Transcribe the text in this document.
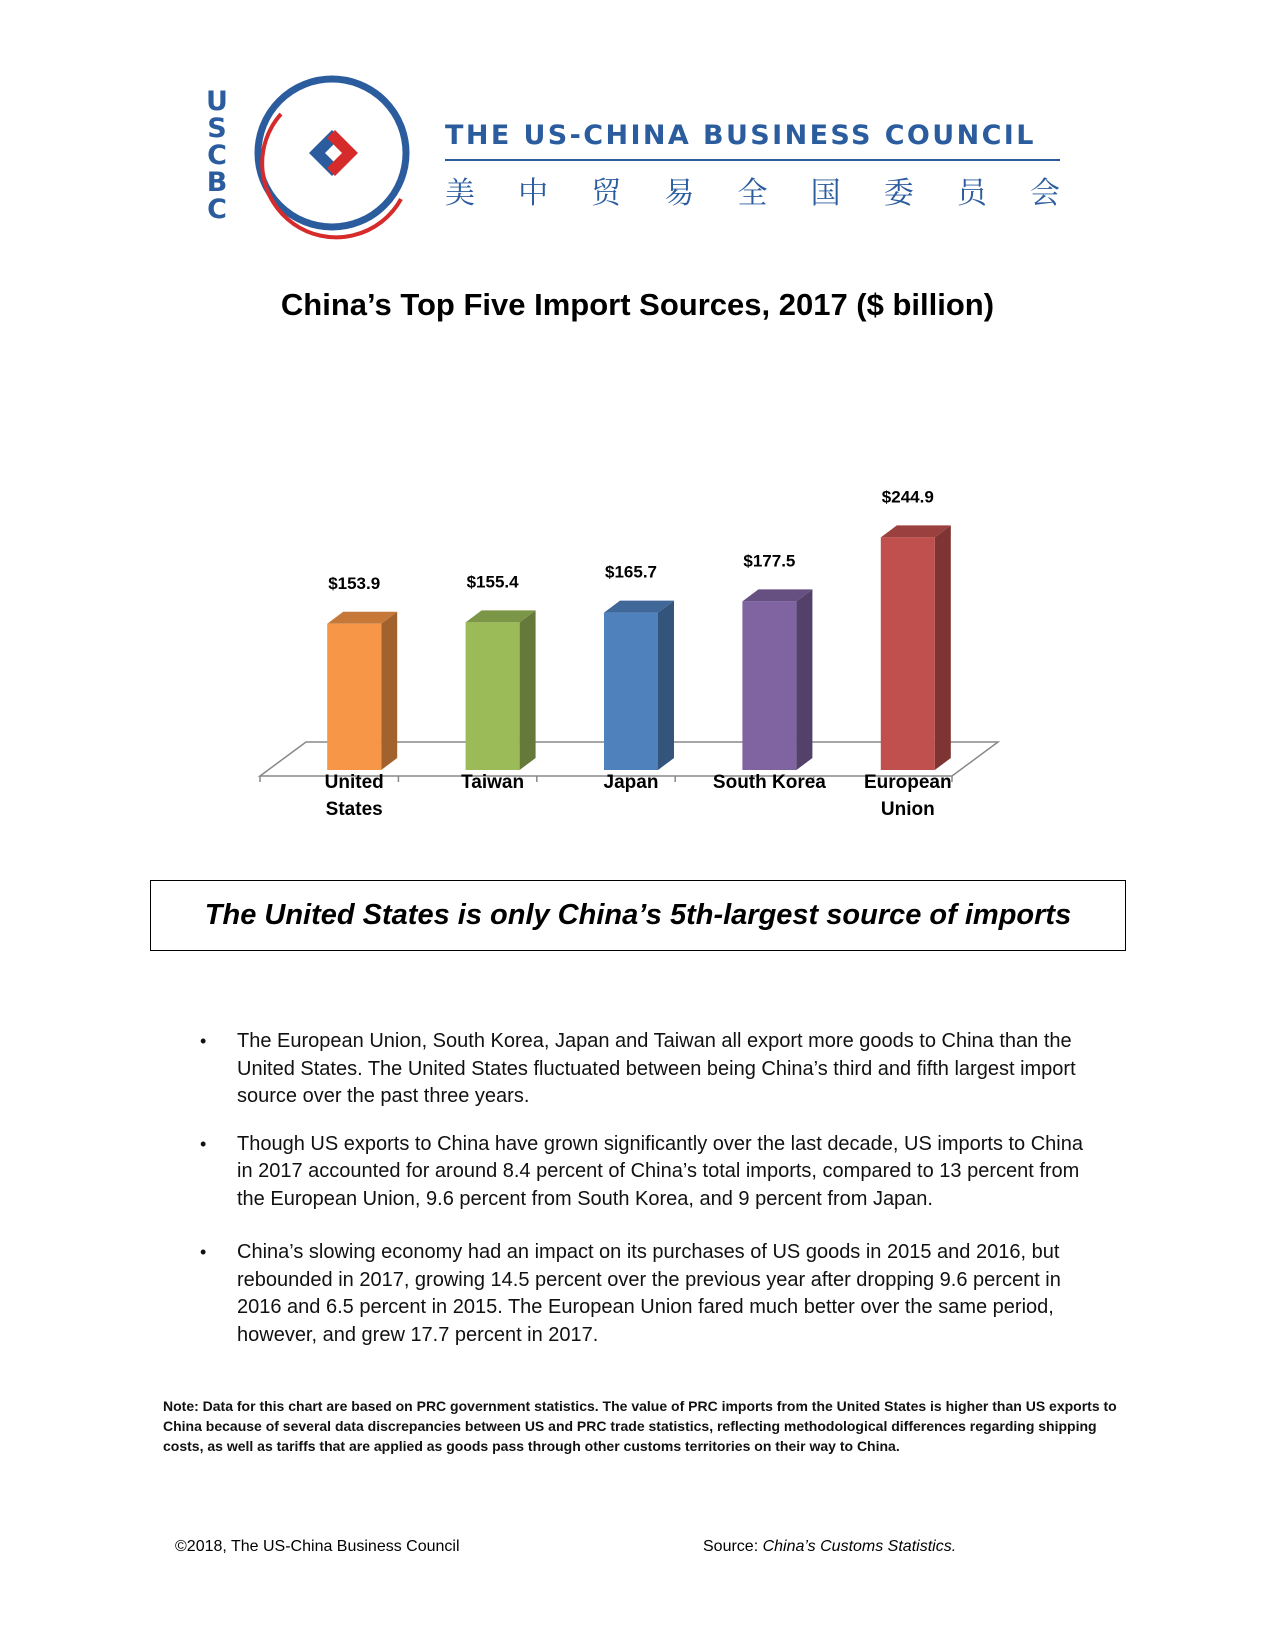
U
S
C
B
C
THE US-CHINA BUSINESS COUNCIL
美 中 贸 易 全 国 委 员 会
China’s Top Five Import Sources, 2017 ($ billion)
$153.9
United
States
$155.4
Taiwan
$165.7
Japan
$177.5
South Korea
$244.9
European
Union
The United States is only China’s 5th-largest source of imports
• The European Union, South Korea, Japan and Taiwan all export more goods to China than the United States. The United States fluctuated between being China’s third and fifth largest import source over the past three years.
• Though US exports to China have grown significantly over the last decade, US imports to China in 2017 accounted for around 8.4 percent of China’s total imports, compared to 13 percent from the European Union, 9.6 percent from South Korea, and 9 percent from Japan.
• China’s slowing economy had an impact on its purchases of US goods in 2015 and 2016, but rebounded in 2017, growing 14.5 percent over the previous year after dropping 9.6 percent in 2016 and 6.5 percent in 2015. The European Union fared much better over the same period, however, and grew 17.7 percent in 2017.
Note: Data for this chart are based on PRC government statistics. The value of PRC imports from the United States is higher than US exports to China because of several data discrepancies between US and PRC trade statistics, reflecting methodological differences regarding shipping costs, as well as tariffs that are applied as goods pass through other customs territories on their way to China.
©2018, The US-China Business Council	Source: China’s Customs Statistics.
